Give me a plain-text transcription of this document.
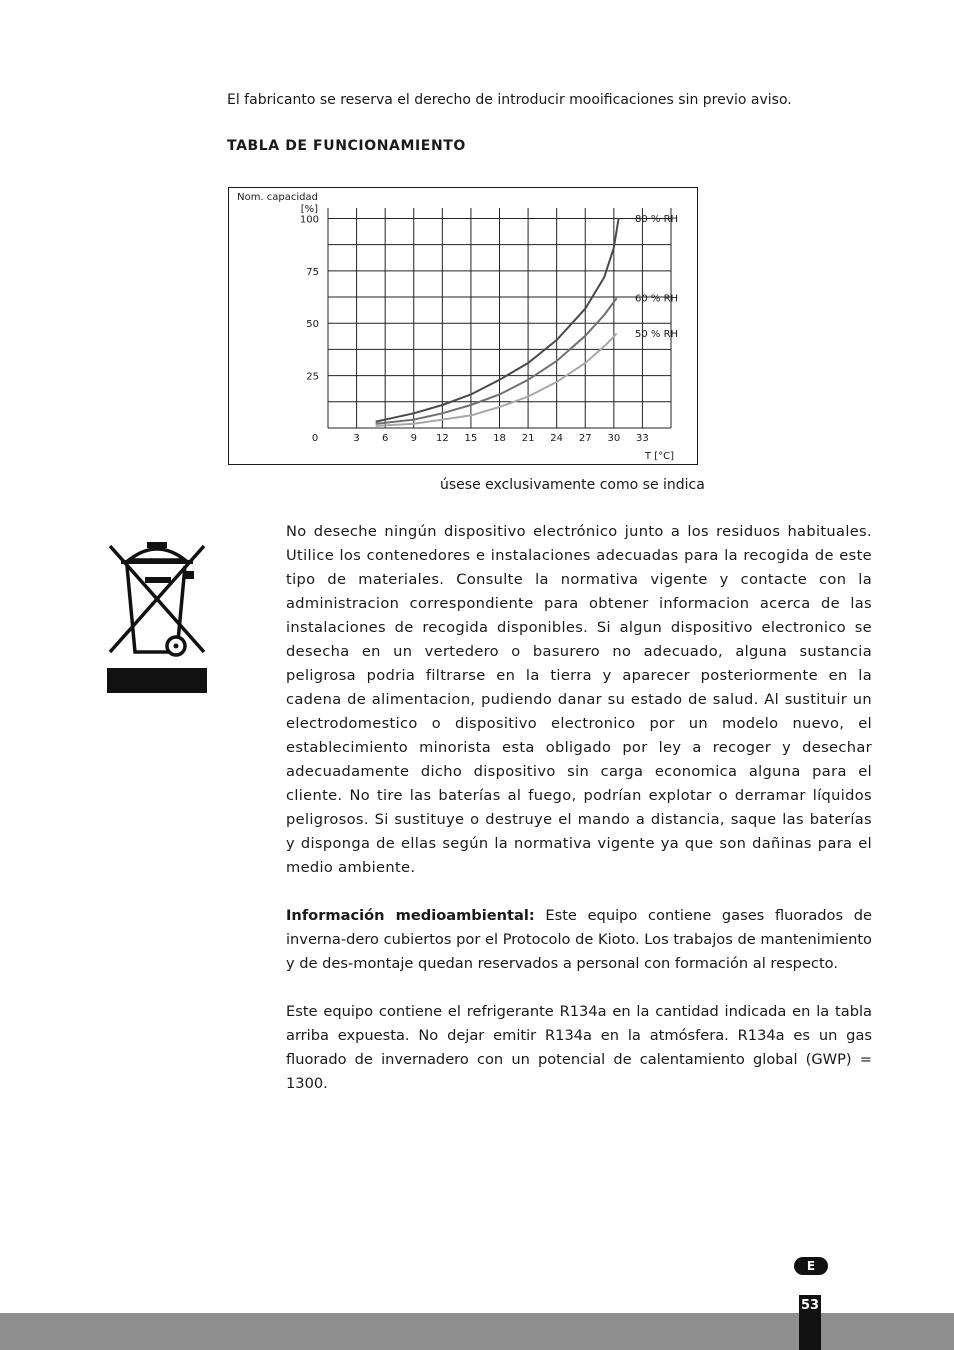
El fabricanto se reserva el derecho de introducir mooificaciones sin previo aviso.
TABLA DE FUNCIONAMIENTO
100
75
50
25
0	3 6 9 12 15 18 21 24 27 30 33
Nom. capacidad
[%]
T [°C]
80 % RH
60 % RH
50 % RH
úsese exclusivamente como se indica

No deseche ningún dispositivo electrónico junto a los residuos habituales. Utilice los contenedores e instalaciones adecuadas para la recogida de este tipo de materiales. Consulte la normativa vigente y contacte con la administracion correspondiente para obtener informacion acerca de las instalaciones de recogida disponibles. Si algun dispositivo electronico se desecha en un vertedero o basurero no adecuado, alguna sustancia peligrosa podria filtrarse en la tierra y aparecer posteriormente en la cadena de alimentacion, pudiendo danar su estado de salud. Al sustituir un electrodomestico o dispositivo electronico por un modelo nuevo, el establecimiento minorista esta obligado por ley a recoger y desechar adecuadamente dicho dispositivo sin carga economica alguna para el cliente. No tire las baterías al fuego, podrían explotar o derramar líquidos peligrosos. Si sustituye o destruye el mando a distancia, saque las baterías y disponga de ellas según la normativa vigente ya que son dañinas para el medio ambiente.

Información medioambiental: Este equipo contiene gases fluorados de inverna-dero cubiertos por el Protocolo de Kioto. Los trabajos de mantenimiento y de des-montaje quedan reservados a personal con formación al respecto.

Este equipo contiene el refrigerante R134a en la cantidad indicada en la tabla arriba expuesta. No dejar emitir R134a en la atmósfera. R134a es un gas fluorado de invernadero con un potencial de calentamiento global (GWP) = 1300.

E
53
